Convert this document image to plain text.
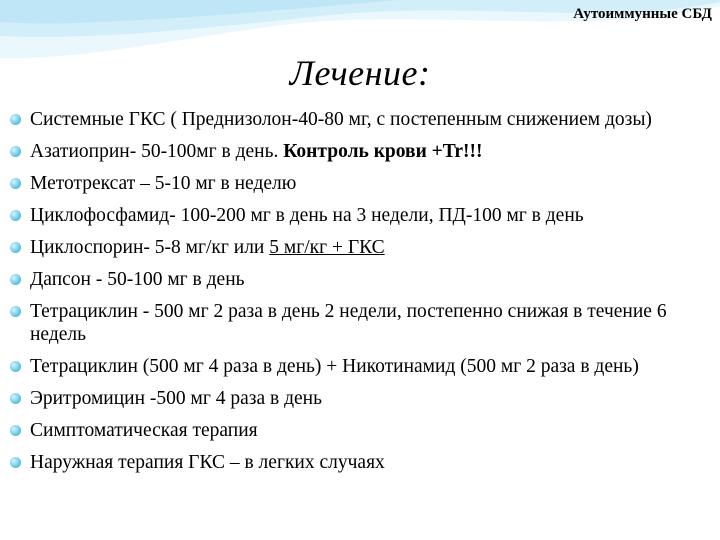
Аутоиммунные СБД
Лечение:
Системные ГКС ( Преднизолон-40-80 мг, с постепенным снижением дозы)
Азатиоприн- 50-100мг в день. Контроль крови +Tr!!!
Метотрексат – 5-10 мг в неделю
Циклофосфамид- 100-200 мг в день на 3 недели, ПД-100 мг в день
Циклоспорин- 5-8 мг/кг или 5 мг/кг + ГКС
Дапсон - 50-100 мг в день
Тетрациклин - 500 мг 2 раза в день 2 недели, постепенно снижая в течение 6 недель
Тетрациклин (500 мг 4 раза в день) + Никотинамид (500 мг 2 раза в день)
Эритромицин -500 мг 4 раза в день
Симптоматическая терапия
Наружная терапия ГКС – в легких случаях
